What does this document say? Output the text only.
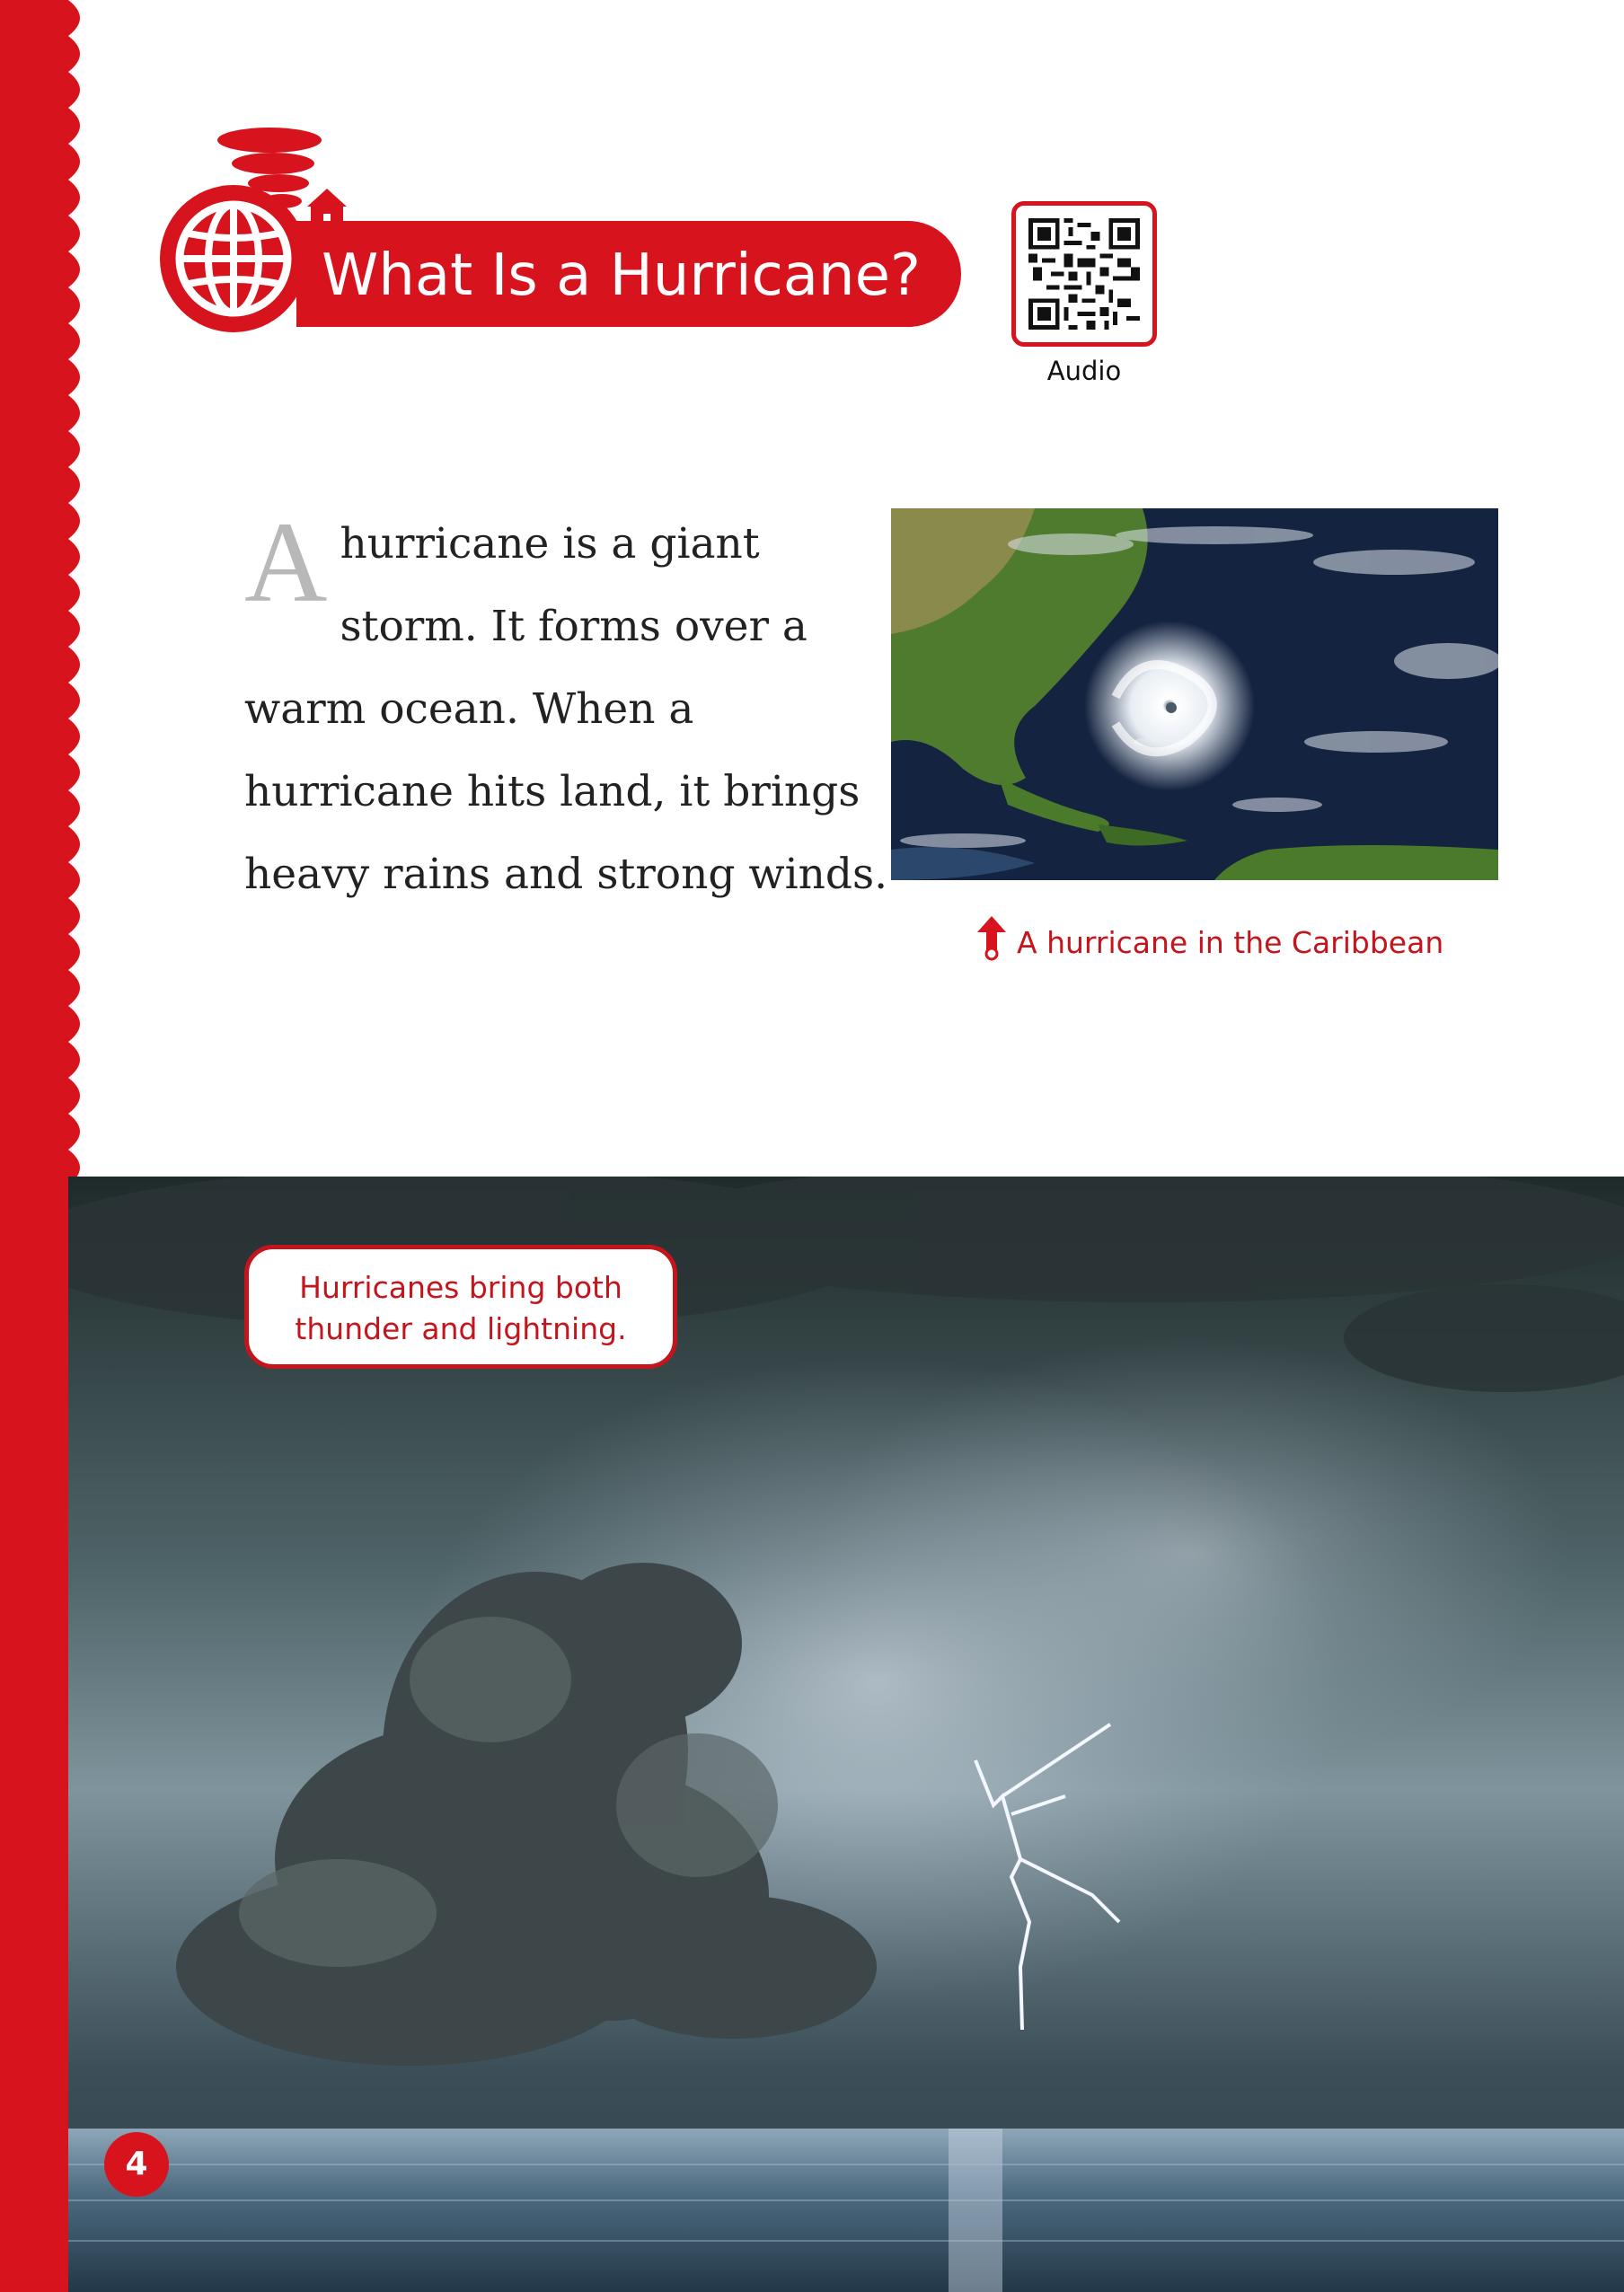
What Is a Hurricane?
Audio
A hurricane is a giant storm. It forms over a warm ocean. When a hurricane hits land, it brings heavy rains and strong winds.
A hurricane in the Caribbean
Hurricanes bring both
thunder and lightning.
4
